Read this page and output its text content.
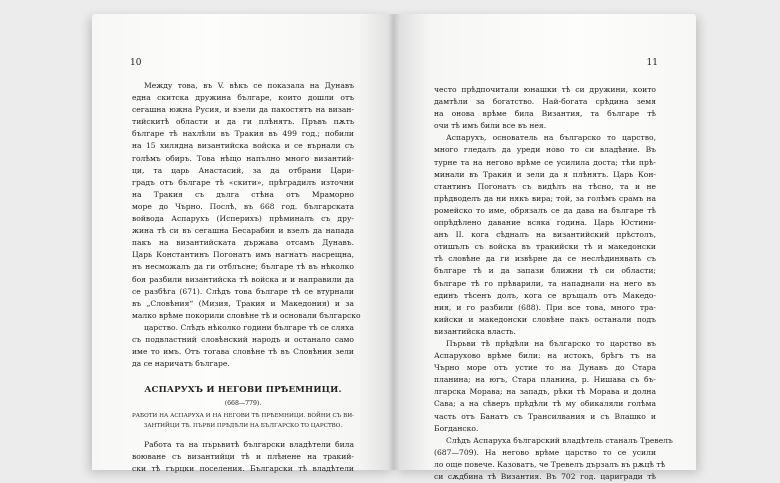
10
Между това, въ V. вѣкъ се показала на Дунавъ
една скитска дружина българе, които дошли отъ
сегашна южна Русия, и взели да пакостятъ на визан-
тийскитѣ области и да ги плѣнятъ. Пръвъ пѫть
българе тѣ нахлѣли въ Тракия въ 499 год.; побили
на 15 хилядна византийска войска и се върнали съ
голѣмъ обиръ. Това нѣщо напълно много византий-
ци, та царь Анастасий, за да отбрани Цари-
градъ отъ българе тѣ «скити», прѣградилъ източни
на Тракия съ дълга стѣна отъ Мраморно
море до Чърно. Послѣ, въ 668 год. българската
войвода Аспарухъ (Исперихъ) прѣминалъ съ дру-
жина тѣ си въ сегашна Бесарабия и взелъ да напада
пакъ на византийската държава отсамъ Дунавъ.
Царь Константинъ Погонатъ имъ нагнатъ насрещна,
нъ несможалъ да ги отблъсне; българе тѣ въ нѣколко
боя разбили византийска тѣ войска и и направили да
се разбѣга (671). Слѣдъ това българе тѣ се втурнали
въ „Словѣния“ (Мизия, Тракия и Македония) и за
малко врѣме покорили словѣне тѣ и основали българско
царство. Слѣдъ нѣколко години българе тѣ се сляха
съ подвластний словѣнский народъ и останало само
име то имъ. Отъ тогава словѣне тѣ въ Словѣния зели
да се наричатъ българе.
АСПАРУХЪ И НЕГОВИ ПРѢЕМНИЦИ.
(668—779).
РАБОТИ НА АСПАРУХА И НА НЕГОВИ ТѢ ПРѢЕМНИЦИ. ВОЙНИ СЪ ВИ-
ЗАНТИЙЦИ ТѢ. ПЪРВИ ПРѢДѢЛИ НА БЪЛГАРСКО ТО ЦАРСТВО.
Работа та на пърьвитѣ български владѣтели била
воюване съ византийци тѣ и плѣнене на тракий-
ски тѣ гърцки поселения. Български тѣ владѣтели
11
често прѣдпочитали юнашки тѣ си дружини, които
дамтѣли за богатство. Най-богата срѣдина земя
на онова врѣме била Византия, та българе тѣ
очи тѣ имъ били все въ нея.
Аспарухъ, основатель на българско то царство,
много гледалъ да уреди ново то си владѣние. Въ
турне та на негово врѣме се усилила доста; тѣи прѣ-
минали въ Тракия и зели да я плѣнятъ. Царь Кон-
стантинъ Погонатъ съ видѣлъ на тѣсно, та и не
прѣдводелъ да ни някъ вира; той, за голѣмъ срамъ на
ромейско то име, обрязалъ се да дава на българе тѣ
опрѣдѣлено давание всяка година. Царь Юстини-
анъ II. кога сѣдналъ на византийский прѣстолъ,
отишълъ съ войска въ тракийски тѣ и македонски
тѣ словѣне да ги извѣрне да се неслѣдинявать съ
българе тѣ и да запази ближни тѣ си области;
българе тѣ го прѣварили, та нападнали на него въ
единъ тѣсенъ долъ, кога се връщалъ отъ Македо-
ния, и го разбили (688). При все това, много тра-
кийски и македонски словѣне пакъ останали подъ
византийска власть.
Пърьви тѣ прѣдѣли на българско то царство въ
Аспарухово врѣме били: на истокъ, брѣгъ тъ на
Чърно море отъ устие то на Дунавъ до Стара
планина; на югъ, Стара планина, р. Нишава съ бъ-
лгарска Морава; на западъ, рѣки тѣ Морава и долна
Сава; а на сѣверъ прѣдѣли тѣ му обикаляли голѣма
часть отъ Банатъ съ Трансилвания и съ Влашко и
Богданско.
Слѣдъ Аспаруха българский владѣтель станалъ Тревелъ
(687—709). На негово врѣме царство то се усили
ло още повече. Казоватъ, че Тревелъ дързалъ въ рѫцѣ тѣ
си сѫдбина тѣ Византия. Въ 702 год. царигради тѣ
